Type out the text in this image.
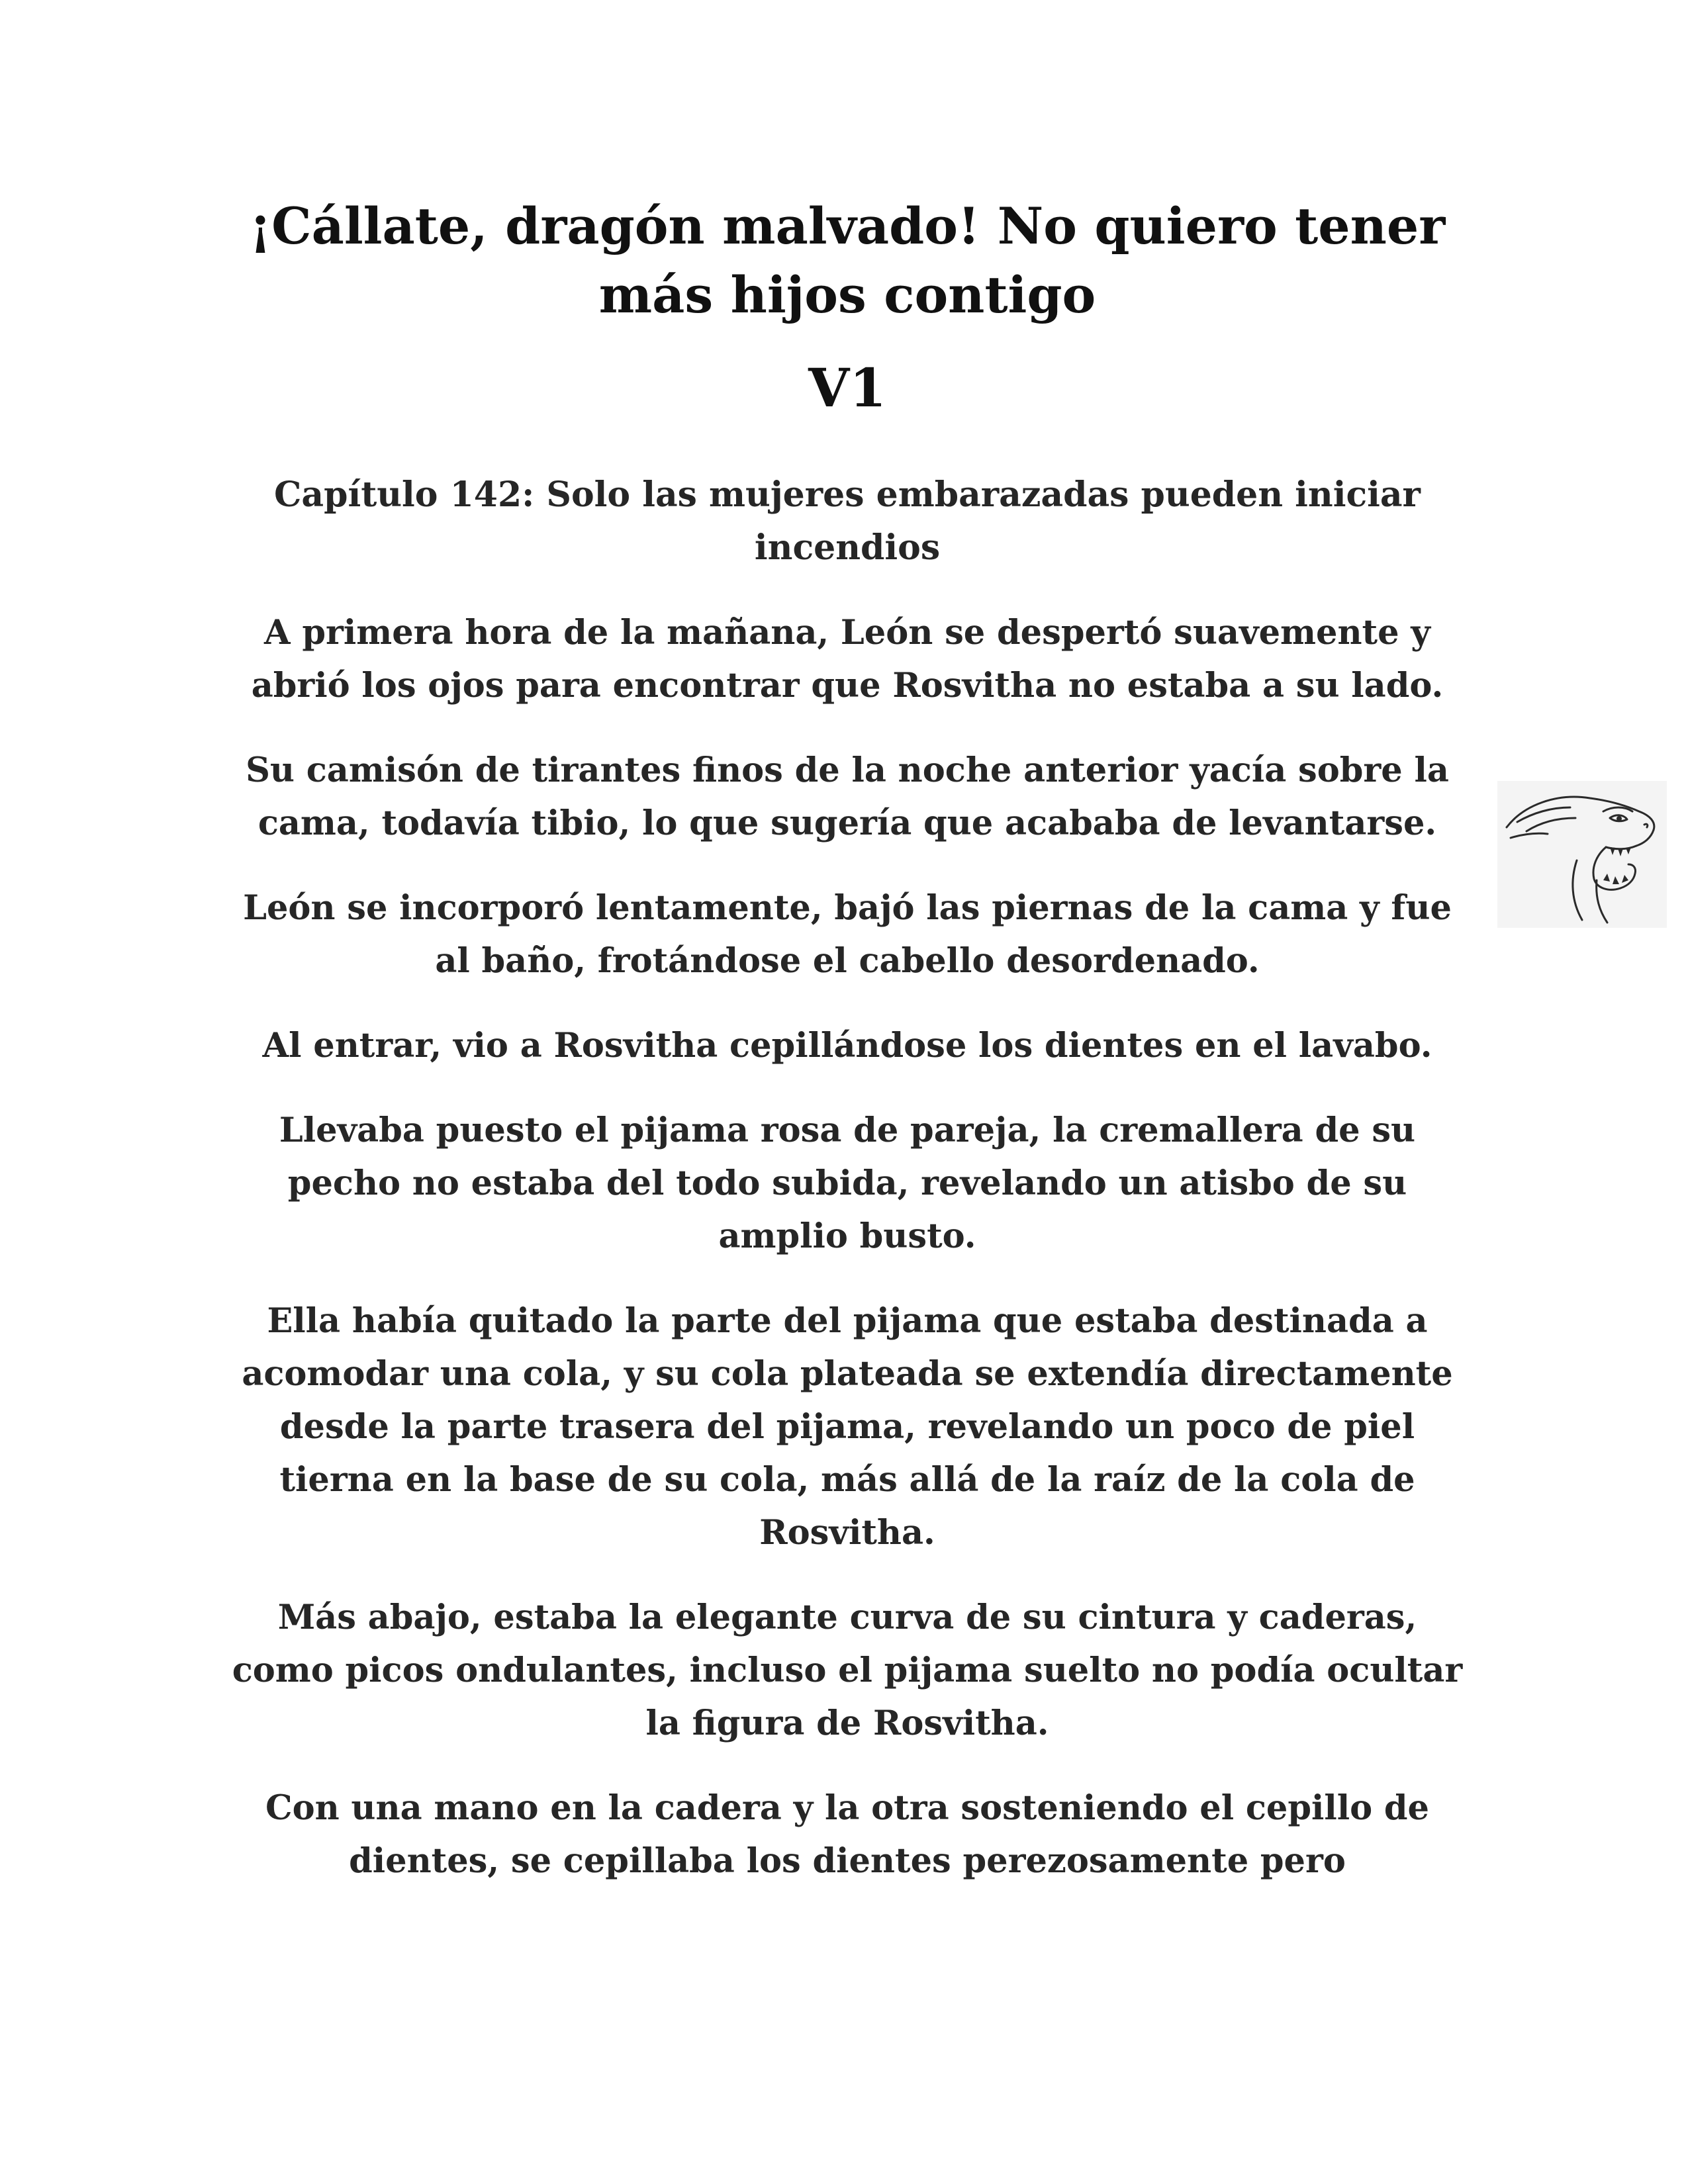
¡Cállate, dragón malvado! No quiero tener
más hijos contigo
V1
Capítulo 142: Solo las mujeres embarazadas pueden iniciar incendios

A primera hora de la mañana, León se despertó suavemente y abrió los ojos para encontrar que Rosvitha no estaba a su lado.

Su camisón de tirantes finos de la noche anterior yacía sobre la cama, todavía tibio, lo que sugería que acababa de levantarse.

León se incorporó lentamente, bajó las piernas de la cama y fue al baño, frotándose el cabello desordenado.

Al entrar, vio a Rosvitha cepillándose los dientes en el lavabo.

Llevaba puesto el pijama rosa de pareja, la cremallera de su pecho no estaba del todo subida, revelando un atisbo de su amplio busto.

Ella había quitado la parte del pijama que estaba destinada a acomodar una cola, y su cola plateada se extendía directamente desde la parte trasera del pijama, revelando un poco de piel tierna en la base de su cola, más allá de la raíz de la cola de Rosvitha.

Más abajo, estaba la elegante curva de su cintura y caderas, como picos ondulantes, incluso el pijama suelto no podía ocultar la figura de Rosvitha.

Con una mano en la cadera y la otra sosteniendo el cepillo de dientes, se cepillaba los dientes perezosamente pero
